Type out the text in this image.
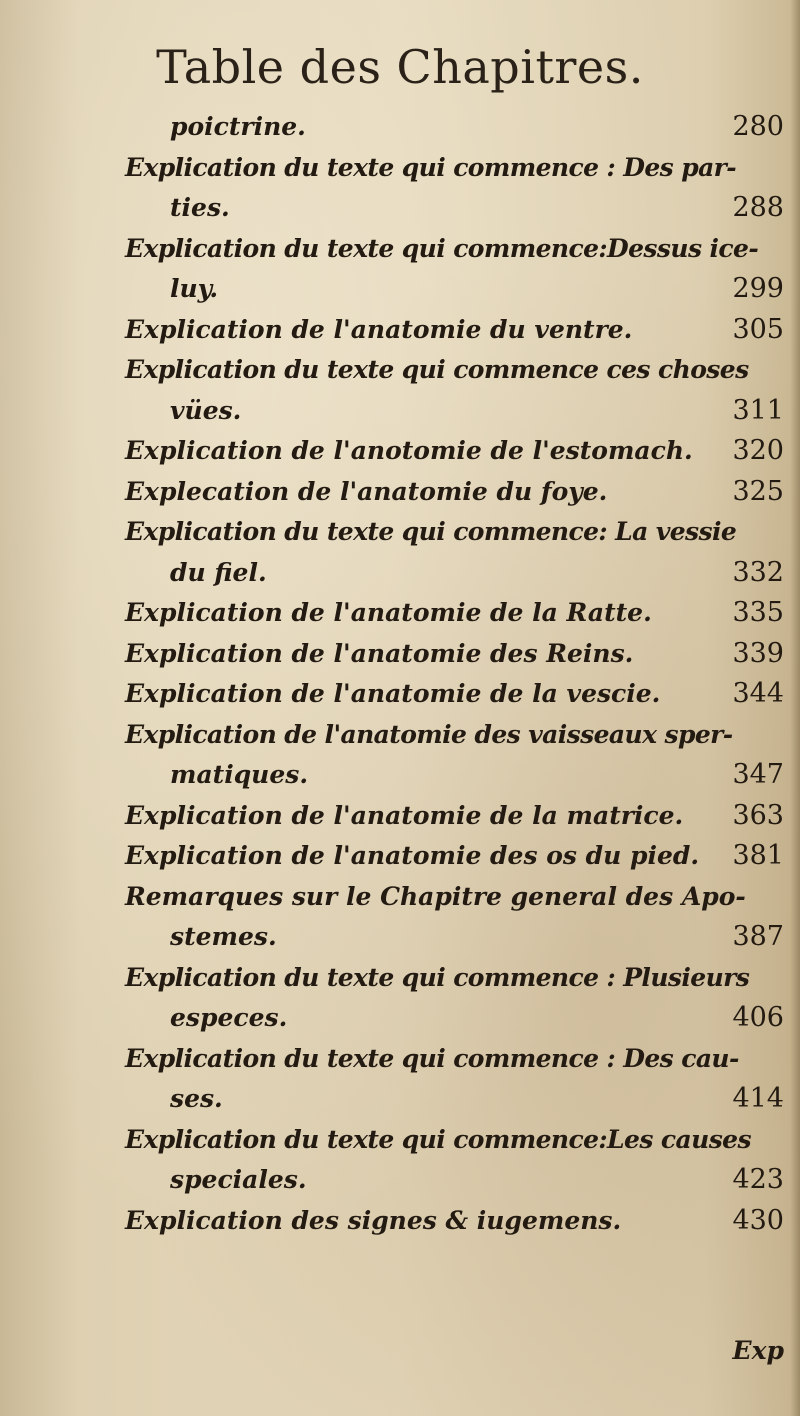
Table des Chapitres.
poictrine.	280
Explication du texte qui commence : Des par-
ties.	288
Explication du texte qui commence:Dessus ice-
luy.	299
Explication de l'anatomie du ventre.	305
Explication du texte qui commence ces choses
vües.	311
Explication de l'anotomie de l'estomach. 320
Explecation de l'anatomie du foye.	325
Explication du texte qui commence: La vessie
du fiel.	332
Explication de l'anatomie de la Ratte.	335
Explication de l'anatomie des Reins.	339
Explication de l'anatomie de la vescie.	344
Explication de l'anatomie des vaisseaux sper-
matiques.	347
Explication de l'anatomie de la matrice. 363
Explication de l'anatomie des os du pied. 381
Remarques sur le Chapitre general des Apo-
stemes.	387
Explication du texte qui commence : Plusieurs
especes.	406
Explication du texte qui commence : Des cau-
ses.	414
Explication du texte qui commence:Les causes
speciales.	423
Explication des signes & iugemens.	430
Exp
